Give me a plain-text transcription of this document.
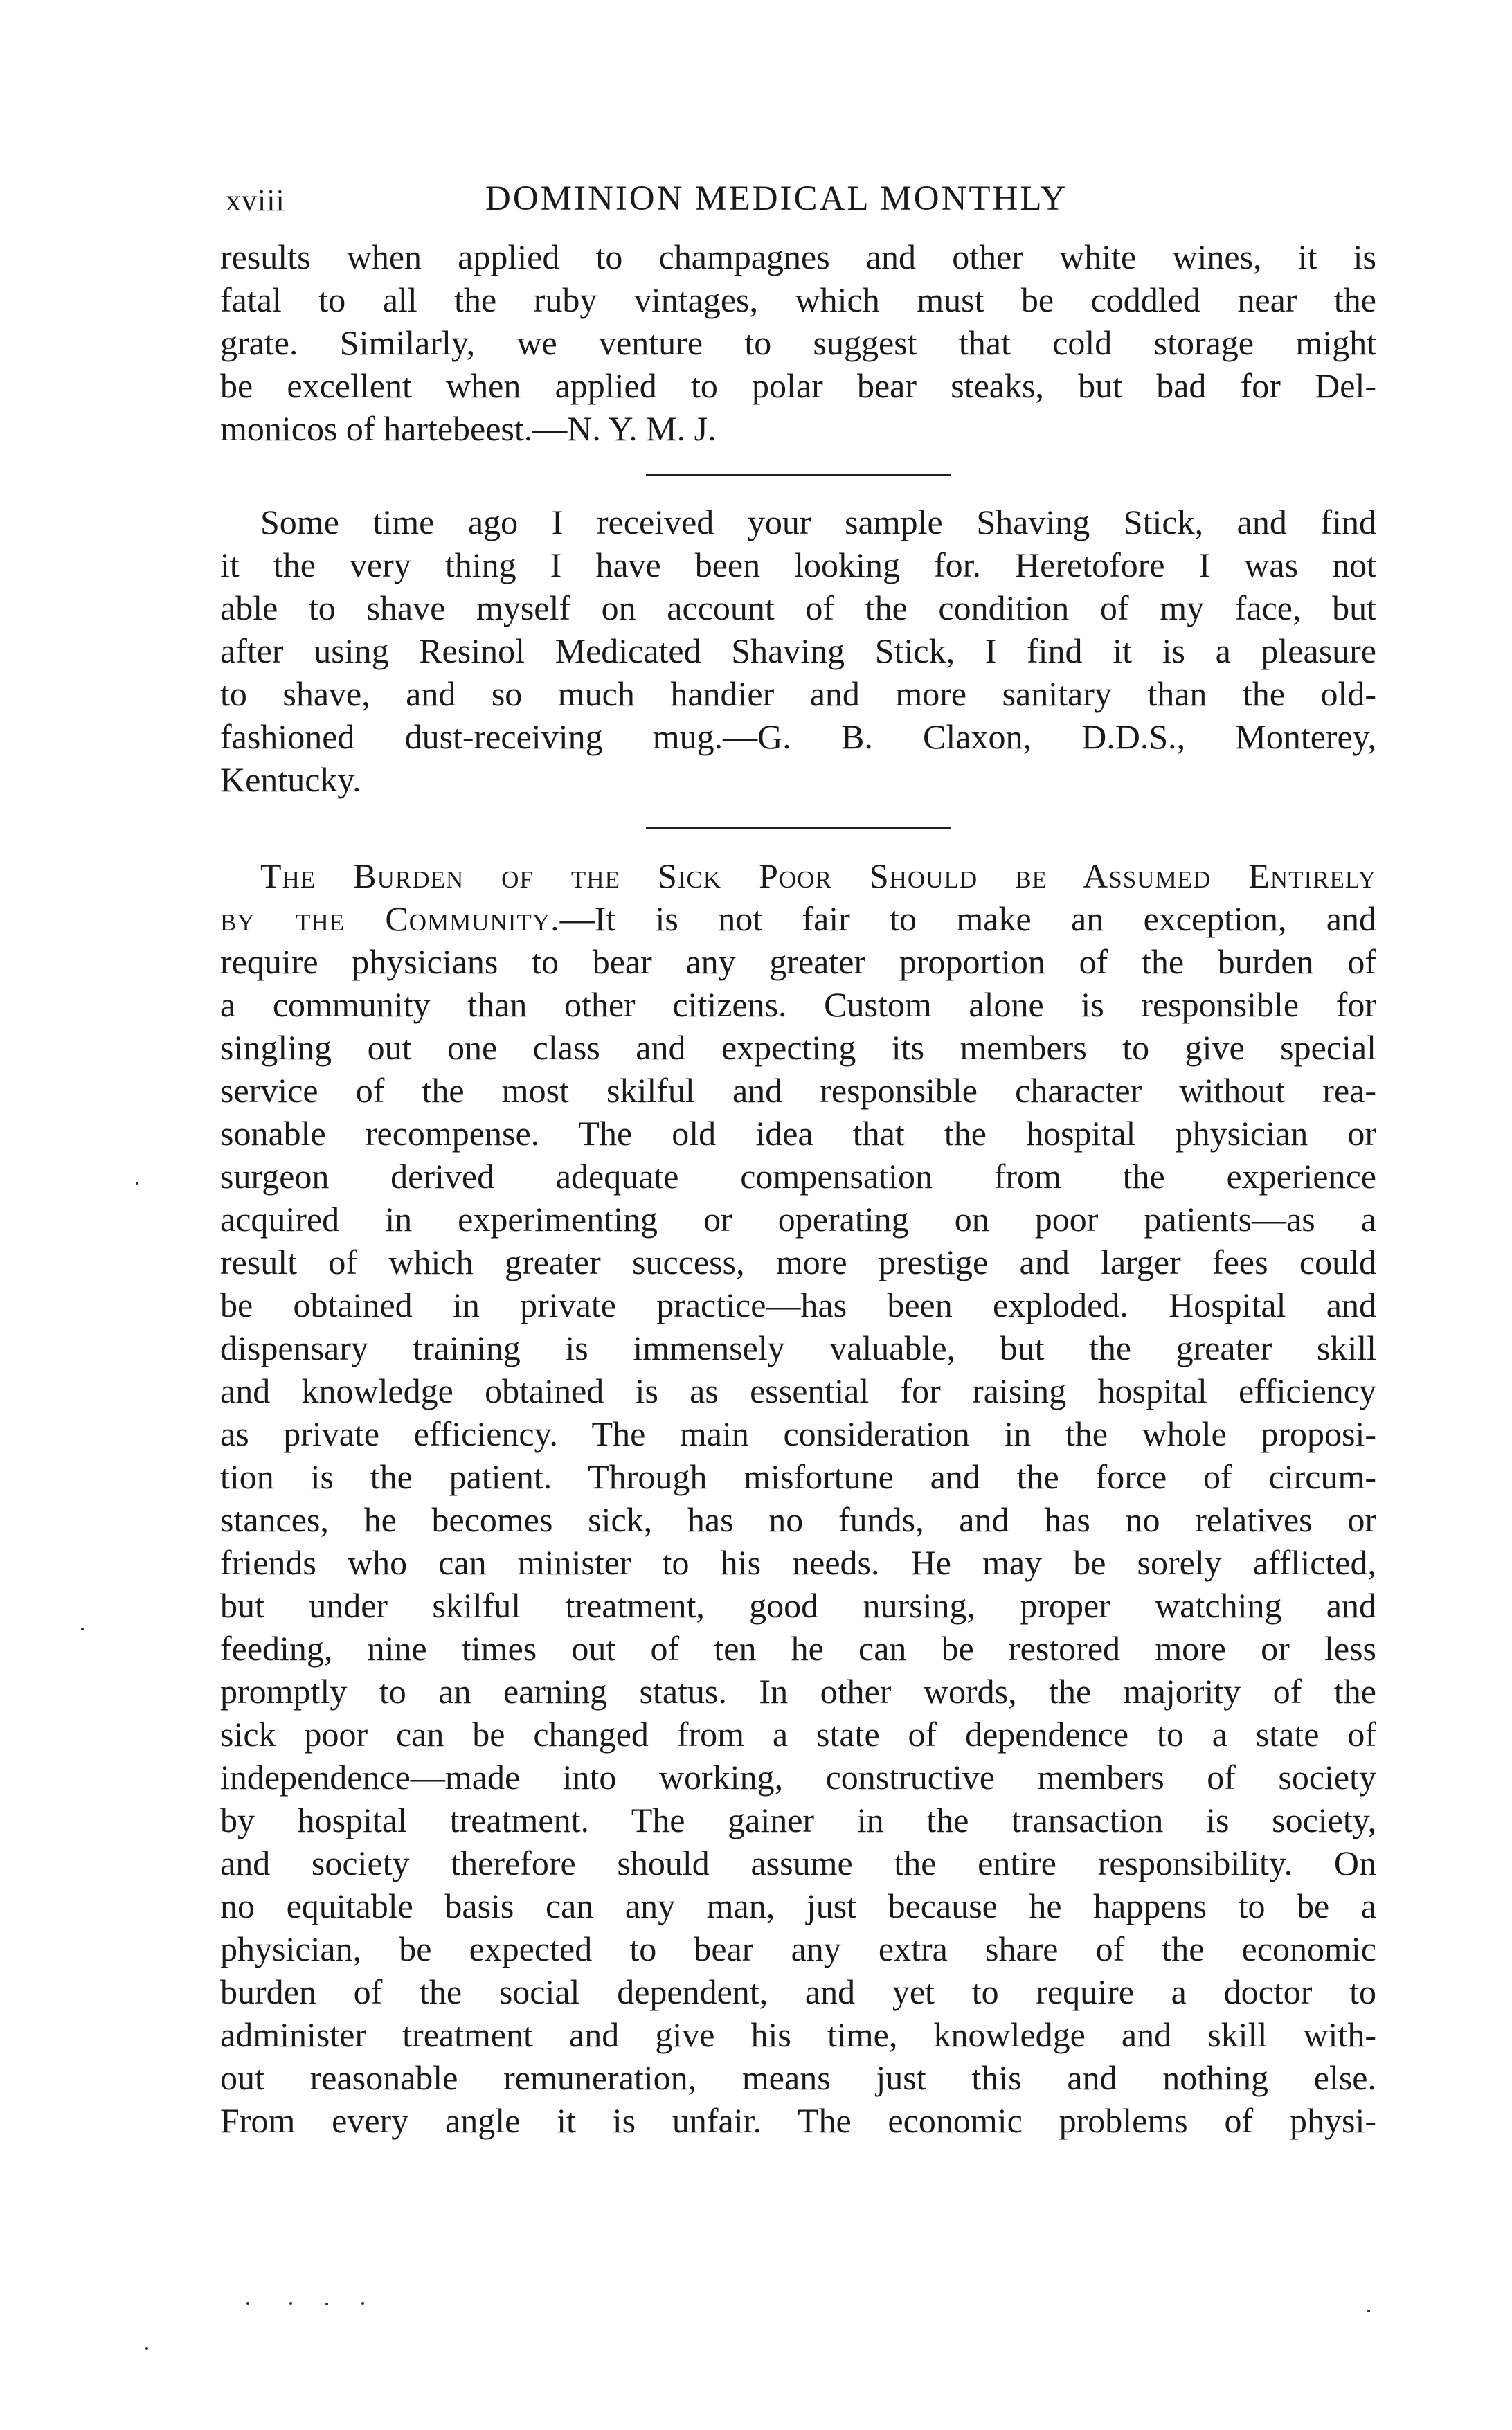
xviii	DOMINION MEDICAL MONTHLY
results when applied to champagnes and other white wines, it is
fatal to all the ruby vintages, which must be coddled near the
grate. Similarly, we venture to suggest that cold storage might
be excellent when applied to polar bear steaks, but bad for Del-
monicos of hartebeest.—N. Y. M. J.
Some time ago I received your sample Shaving Stick, and find
it the very thing I have been looking for. Heretofore I was not
able to shave myself on account of the condition of my face, but
after using Resinol Medicated Shaving Stick, I find it is a pleasure
to shave, and so much handier and more sanitary than the old-
fashioned dust-receiving mug.—G. B. Claxon, D.D.S., Monterey,
Kentucky.
The Burden of the Sick Poor Should be Assumed Entirely
by the Community.—It is not fair to make an exception, and
require physicians to bear any greater proportion of the burden of
a community than other citizens. Custom alone is responsible for
singling out one class and expecting its members to give special
service of the most skilful and responsible character without rea-
sonable recompense. The old idea that the hospital physician or
surgeon derived adequate compensation from the experience
acquired in experimenting or operating on poor patients—as a
result of which greater success, more prestige and larger fees could
be obtained in private practice—has been exploded. Hospital and
dispensary training is immensely valuable, but the greater skill
and knowledge obtained is as essential for raising hospital efficiency
as private efficiency. The main consideration in the whole proposi-
tion is the patient. Through misfortune and the force of circum-
stances, he becomes sick, has no funds, and has no relatives or
friends who can minister to his needs. He may be sorely afflicted,
but under skilful treatment, good nursing, proper watching and
feeding, nine times out of ten he can be restored more or less
promptly to an earning status. In other words, the majority of the
sick poor can be changed from a state of dependence to a state of
independence—made into working, constructive members of society
by hospital treatment. The gainer in the transaction is society,
and society therefore should assume the entire responsibility. On
no equitable basis can any man, just because he happens to be a
physician, be expected to bear any extra share of the economic
burden of the social dependent, and yet to require a doctor to
administer treatment and give his time, knowledge and skill with-
out reasonable remuneration, means just this and nothing else.
From every angle it is unfair. The economic problems of physi-
